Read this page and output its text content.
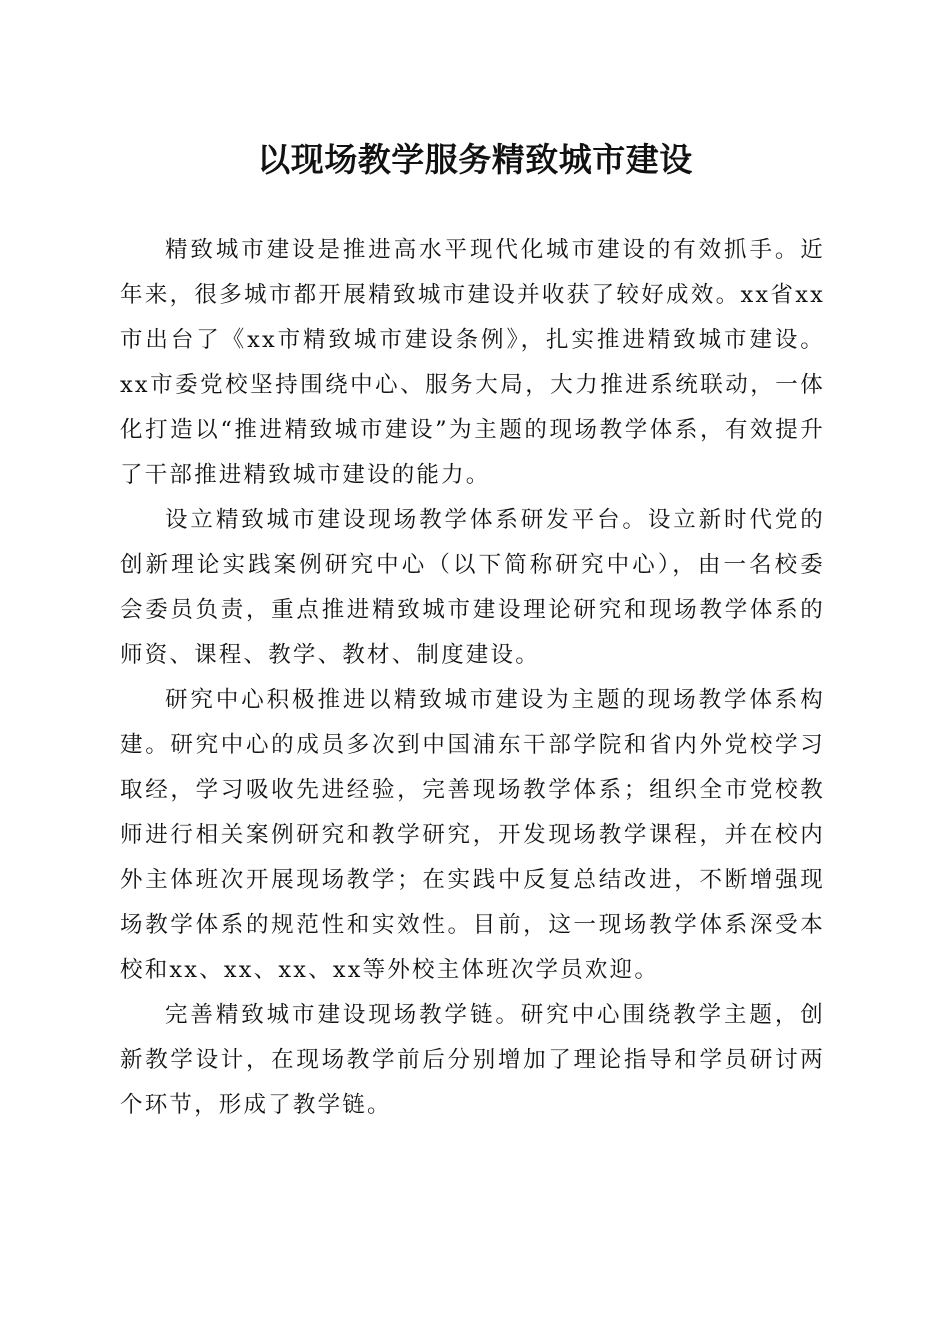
以现场教学服务精致城市建设

精致城市建设是推进高水平现代化城市建设的有效抓手。近年来，很多城市都开展精致城市建设并收获了较好成效。xx省xx市出台了《xx市精致城市建设条例》，扎实推进精致城市建设。xx市委党校坚持围绕中心、服务大局，大力推进系统联动，一体化打造以“推进精致城市建设”为主题的现场教学体系，有效提升了干部推进精致城市建设的能力。

设立精致城市建设现场教学体系研发平台。设立新时代党的创新理论实践案例研究中心（以下简称研究中心），由一名校委会委员负责，重点推进精致城市建设理论研究和现场教学体系的师资、课程、教学、教材、制度建设。

研究中心积极推进以精致城市建设为主题的现场教学体系构建。研究中心的成员多次到中国浦东干部学院和省内外党校学习取经，学习吸收先进经验，完善现场教学体系；组织全市党校教师进行相关案例研究和教学研究，开发现场教学课程，并在校内外主体班次开展现场教学；在实践中反复总结改进，不断增强现场教学体系的规范性和实效性。目前，这一现场教学体系深受本校和xx、xx、xx、xx等外校主体班次学员欢迎。

完善精致城市建设现场教学链。研究中心围绕教学主题，创新教学设计，在现场教学前后分别增加了理论指导和学员研讨两个环节，形成了教学链。
